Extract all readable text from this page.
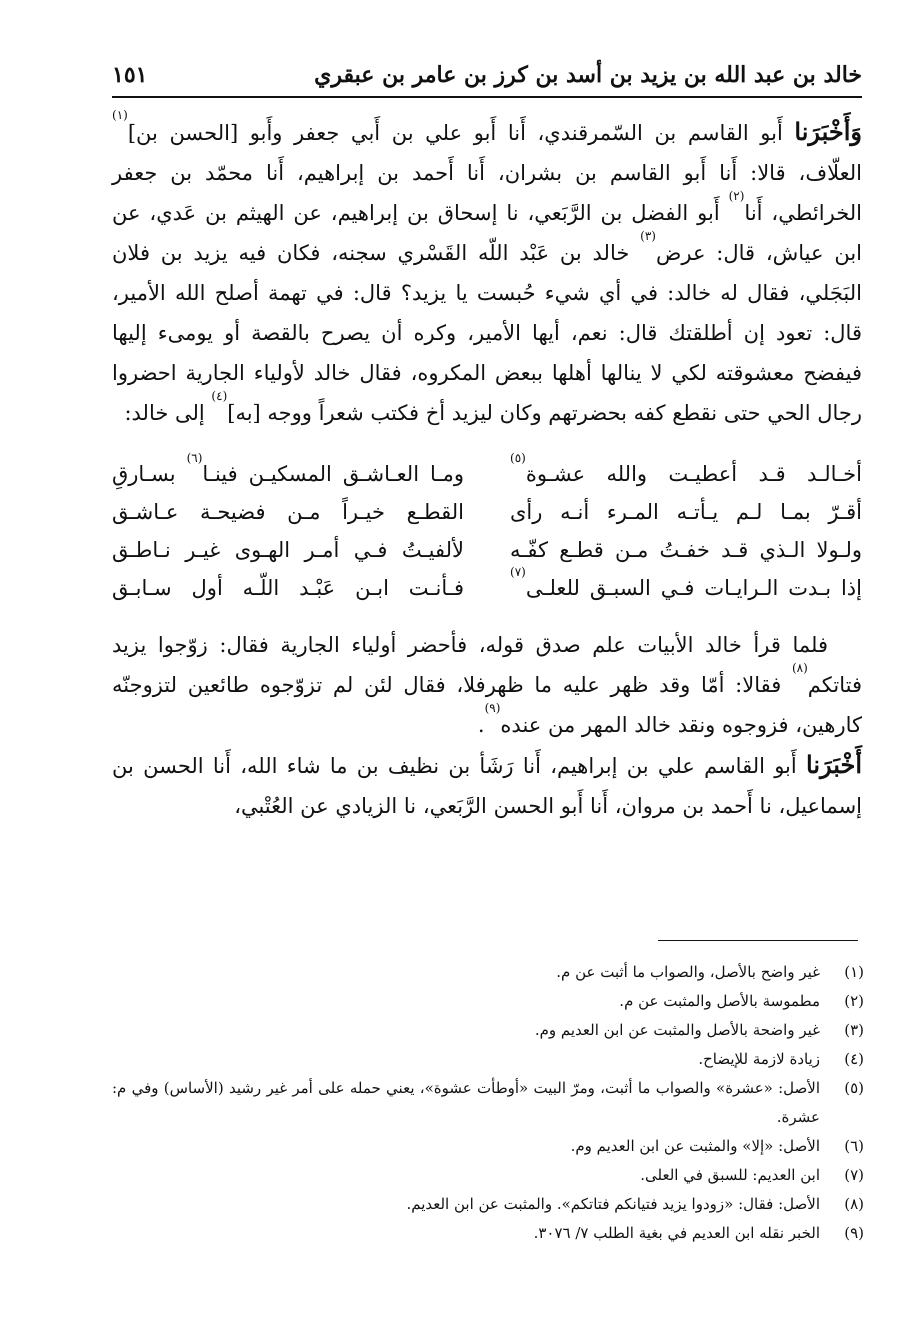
خالد بن عبد الله بن يزيد بن أسد بن كرز بن عامر بن عبقري
١٥١

وَأَخْبَرَنا أَبو القاسم بن السّمرقندي، أَنا أَبو علي بن أَبي جعفر وأَبو [الحسن بن]$^{(١)}$ العلّاف، قالا: أَنا أَبو القاسم بن بشران، أَنا أَحمد بن إبراهيم، أَنا محمّد بن جعفر الخرائطي، أَنا$^{(٢)}$ أَبو الفضل بن الرَّبَعي، نا إسحاق بن إبراهيم، عن الهيثم بن عَدي، عن ابن عياش، قال: عرض$^{(٣)}$ خالد بن عَبْد اللّه القَسْري سجنه، فكان فيه يزيد بن فلان البَجَلي، فقال له خالد: في أي شيء حُبست يا يزيد؟ قال: في تهمة أصلح الله الأمير، قال: تعود إن أطلقتك قال: نعم، أيها الأمير، وكره أن يصرح بالقصة أو يومىء إليها فيفضح معشوقته لكي لا ينالها أهلها ببعض المكروه، فقال خالد لأولياء الجارية احضروا رجال الحي حتى نقطع كفه بحضرتهم وكان ليزيد أخ فكتب شعراً ووجه [به]$^{(٤)}$ إلى خالد:

أخـالـد قـد أعطيـت والله عشـوة$^{(٥)}$
ومـا العـاشـق المسكيـن فينـا$^{(٦)}$ بسـارقِ
أقـرّ بمـا لـم يـأتـه المـرء أنـه رأى
القطـع خيـراً مـن فضيحـة عـاشـق
ولـولا الـذي قـد خفـتُ مـن قطـع كفّـه
لألفيـتُ فـي أمـر الهـوى غيـر نـاطـق
إذا بـدت الـرايـات فـي السبـق للعلـى$^{(٧)}$
فـأنـت ابـن عَبْـد اللّـه أول سـابـق

فلما قرأ خالد الأبيات علم صدق قوله، فأحضر أولياء الجارية فقال: زوّجوا يزيد فتاتكم$^{(٨)}$ فقالا: أمّا وقد ظهر عليه ما ظهرفلا، فقال لئن لم تزوّجوه طائعين لتزوجنّه كارهين، فزوجوه ونقد خالد المهر من عنده$^{(٩)}$.

أَخْبَرَنا أَبو القاسم علي بن إبراهيم، أَنا رَشَأ بن نظيف بن ما شاء الله، أَنا الحسن بن إسماعيل، نا أَحمد بن مروان، أَنا أَبو الحسن الرَّبَعي، نا الزيادي عن العُتْبي،

(١)
غير واضح بالأصل، والصواب ما أثبت عن م.
(٢)
مطموسة بالأصل والمثبت عن م.
(٣)
غير واضحة بالأصل والمثبت عن ابن العديم وم.
(٤)
زيادة لازمة للإيضاح.
(٥)
الأصل: «عشرة» والصواب ما أثبت، ومرّ البيت «أوطأت عشوة»، يعني حمله على أمر غير رشيد (الأساس) وفي م: عشرة.
(٦)
الأصل: «إلا» والمثبت عن ابن العديم وم.
(٧)
ابن العديم: للسبق في العلى.
(٨)
الأصل: فقال: «زودوا يزيد فتيانكم فتاتكم». والمثبت عن ابن العديم.
(٩)
الخبر نقله ابن العديم في بغية الطلب ٧/ ٣٠٧٦.
